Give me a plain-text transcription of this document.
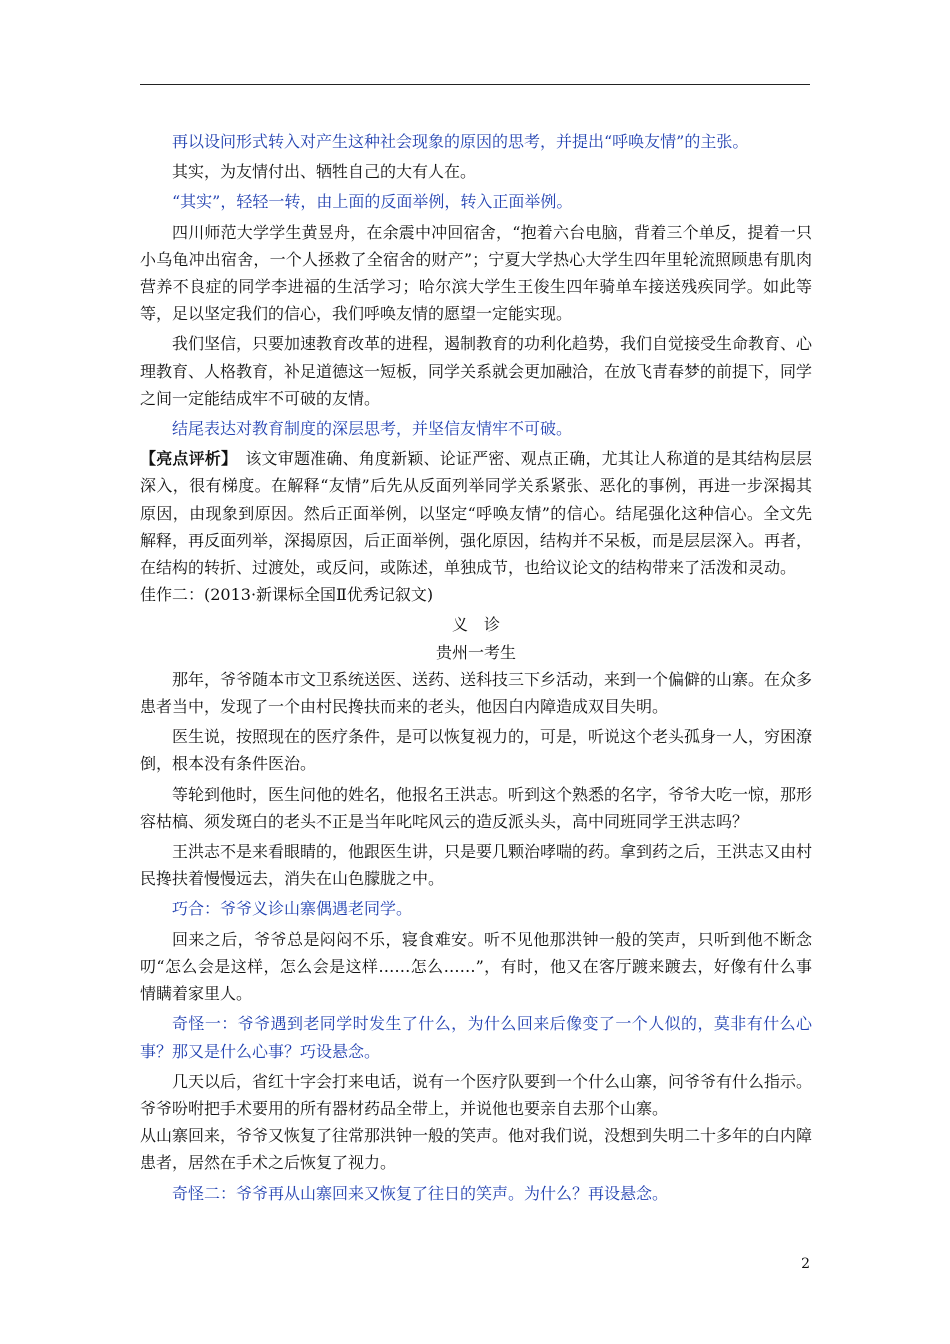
再以设问形式转入对产生这种社会现象的原因的思考，并提出“呼唤友情”的主张。

其实，为友情付出、牺牲自己的大有人在。

“其实”，轻轻一转，由上面的反面举例，转入正面举例。

四川师范大学学生黄昱舟，在余震中冲回宿舍，“抱着六台电脑，背着三个单反，提着一只小乌龟冲出宿舍，一个人拯救了全宿舍的财产”；宁夏大学热心大学生四年里轮流照顾患有肌肉营养不良症的同学李进福的生活学习；哈尔滨大学生王俊生四年骑单车接送残疾同学。如此等等，足以坚定我们的信心，我们呼唤友情的愿望一定能实现。

我们坚信，只要加速教育改革的进程，遏制教育的功利化趋势，我们自觉接受生命教育、心理教育、人格教育，补足道德这一短板，同学关系就会更加融洽，在放飞青春梦的前提下，同学之间一定能结成牢不可破的友情。

结尾表达对教育制度的深层思考，并坚信友情牢不可破。

【亮点评析】　该文审题准确、角度新颖、论证严密、观点正确，尤其让人称道的是其结构层层深入，很有梯度。在解释“友情”后先从反面列举同学关系紧张、恶化的事例，再进一步深揭其原因，由现象到原因。然后正面举例，以坚定“呼唤友情”的信心。结尾强化这种信心。全文先解释，再反面列举，深揭原因，后正面举例，强化原因，结构并不呆板，而是层层深入。再者，在结构的转折、过渡处，或反问，或陈述，单独成节，也给议论文的结构带来了活泼和灵动。

佳作二：(2013·新课标全国Ⅱ优秀记叙文)

义　诊

贵州一考生

那年，爷爷随本市文卫系统送医、送药、送科技三下乡活动，来到一个偏僻的山寨。在众多患者当中，发现了一个由村民搀扶而来的老头，他因白内障造成双目失明。

医生说，按照现在的医疗条件，是可以恢复视力的，可是，听说这个老头孤身一人，穷困潦倒，根本没有条件医治。

等轮到他时，医生问他的姓名，他报名王洪志。听到这个熟悉的名字，爷爷大吃一惊，那形容枯槁、须发斑白的老头不正是当年叱咤风云的造反派头头，高中同班同学王洪志吗？

王洪志不是来看眼睛的，他跟医生讲，只是要几颗治哮喘的药。拿到药之后，王洪志又由村民搀扶着慢慢远去，消失在山色朦胧之中。

巧合：爷爷义诊山寨偶遇老同学。

回来之后，爷爷总是闷闷不乐，寝食难安。听不见他那洪钟一般的笑声，只听到他不断念叨“怎么会是这样，怎么会是这样……怎么……”，有时，他又在客厅踱来踱去，好像有什么事情瞒着家里人。

奇怪一：爷爷遇到老同学时发生了什么，为什么回来后像变了一个人似的，莫非有什么心事？那又是什么心事？巧设悬念。

几天以后，省红十字会打来电话，说有一个医疗队要到一个什么山寨，问爷爷有什么指示。爷爷吩咐把手术要用的所有器材药品全带上，并说他也要亲自去那个山寨。

从山寨回来，爷爷又恢复了往常那洪钟一般的笑声。他对我们说，没想到失明二十多年的白内障患者，居然在手术之后恢复了视力。

奇怪二：爷爷再从山寨回来又恢复了往日的笑声。为什么？再设悬念。

2
